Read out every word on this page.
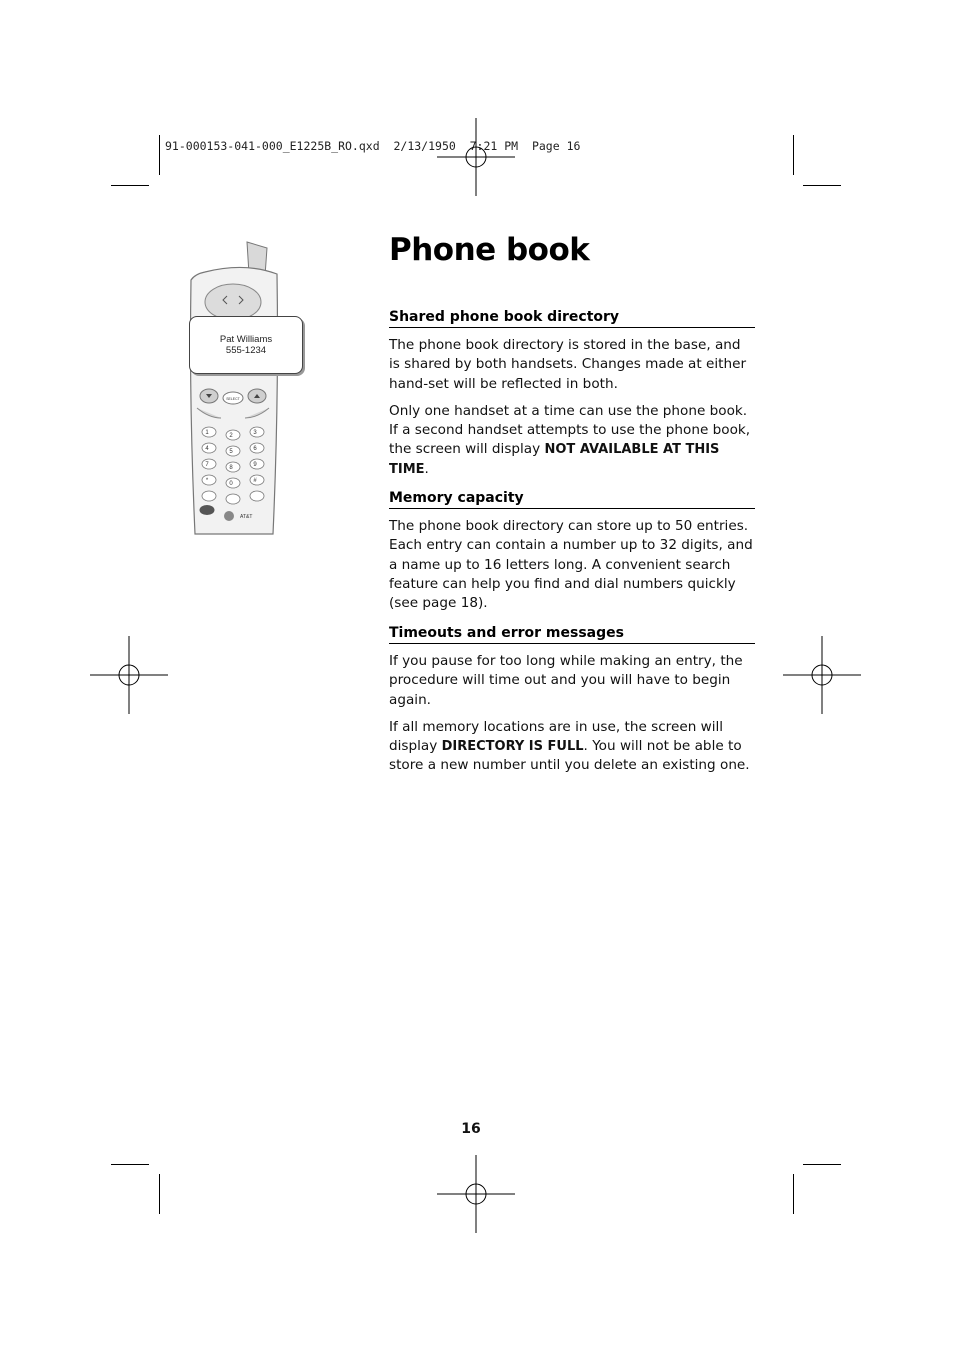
91-000153-041-000_E1225B_RO.qxd  2/13/1950  7:21 PM  Page 16
1	2	3
4	5	6
7	8	9
*	0	#
SELECT
AT&T
Pat Williams
555-1234
Phone book
Shared phone book directory

The phone book directory is stored in the base, and is shared by both handsets. Changes made at either hand-set will be reflected in both.

Only one handset at a time can use the phone book. If a second handset attempts to use the phone book, the screen will display NOT AVAILABLE AT THIS TIME.

Memory capacity

The phone book directory can store up to 50 entries. Each entry can contain a number up to 32 digits, and a name up to 16 letters long. A convenient search feature can help you find and dial numbers quickly (see page 18).

Timeouts and error messages

If you pause for too long while making an entry, the procedure will time out and you will have to begin again.

If all memory locations are in use, the screen will display DIRECTORY IS FULL. You will not be able to store a new number until you delete an existing one.

16
